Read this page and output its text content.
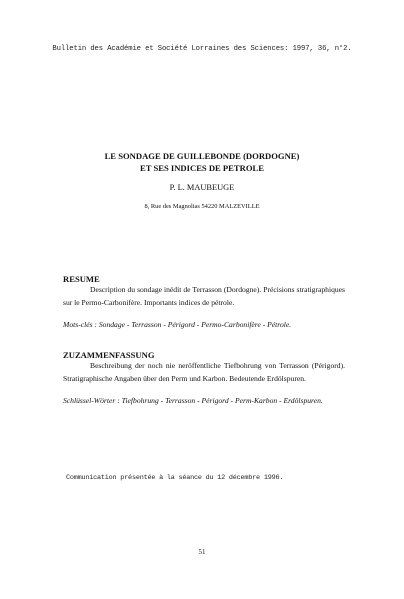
Bulletin des Académie et Société Lorraines des Sciences: 1997, 36, n°2.
LE SONDAGE DE GUILLEBONDE (DORDOGNE)
ET SES INDICES DE PETROLE
P. L. MAUBEUGE
8, Rue des Magnolias 54220 MALZEVILLE

RESUME

Description du sondage inédit de Terrasson (Dordogne). Précisions stratigraphiques sur le Permo-Carbonifère. Importants indices de pétrole.

Mots-clés : Sondage - Terrasson - Périgord - Permo-Carbonifère - Pétrole.

ZUZAMMENFASSUNG

Beschreibung der noch nie neröffentliche Tiefbohrung von Terrasson (Périgord). Stratigraphische Angaben über den Perm und Karbon. Bedeutende Erdölspuren.

Schlüssel-Wörter : Tiefbohrung - Terrasson - Périgord - Perm-Karbon - Erdölspuren.

Communication présentée à la séance du 12 décembre 1996.
51
